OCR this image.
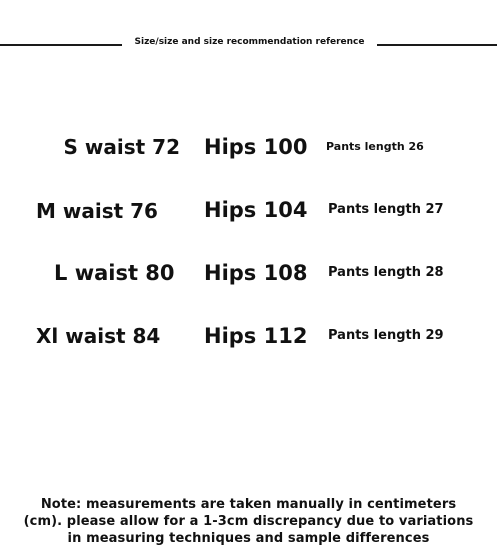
Size/size and size recommendation reference
S waist 72 Hips 100 Pants length 26
M waist 76 Hips 104 Pants length 27
L waist 80 Hips 108 Pants length 28
Xl waist 84 Hips 112 Pants length 29
Note: measurements are taken manually in centimeters
(cm). please allow for a 1-3cm discrepancy due to variations
in measuring techniques and sample differences
